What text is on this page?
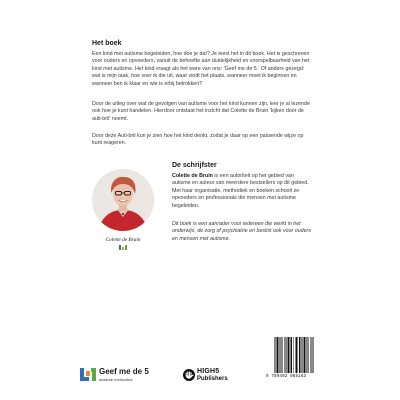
Het boek

Een kind met autisme begeleiden, hoe doe je dat? Je leest het in dit boek. Het is geschreven voor ouders en opvoeders, vanuit de behoefte aan duidelijkheid en voorspelbaarheid van het kind met autisme. Het kind vraagt als het ware van ons: 'Geef me de 5.' Of anders gezegd: wat is mijn taak, hoe voer ik die uit, waar vindt het plaats, wanneer moet ik beginnen en wanneer ben ik klaar en wie is erbij betrokken?

Door de uitleg over wat de gevolgen van autisme voor het kind kunnen zijn, leer je al lezende ook hoe je kunt handelen. Hierdoor ontstaat het inzicht dat Colette de Bruin 'kijken door de auti-bril' noemt.

Door deze Auti-bril kun je zien hoe het kind denkt, zodat je daar op een passende wijze op kunt reageren.

Colette de Bruin
De schrijfster

Colette de Bruin is een autoriteit op het gebied van autisme en auteur van meerdere bestsellers op dit gebied. Met haar organisatie, methodiek en boeken schoolt ze opvoeders en professionals die mensen met autisme begeleiden.

Dit boek is een aanrader voor iedereen die werkt in het onderwijs, de zorg of psychiatrie en beslist ook voor ouders en mensen met autisme.

Geef me de 5
autisme methodiek
HIGH5
Publishers	9 789492 985163
